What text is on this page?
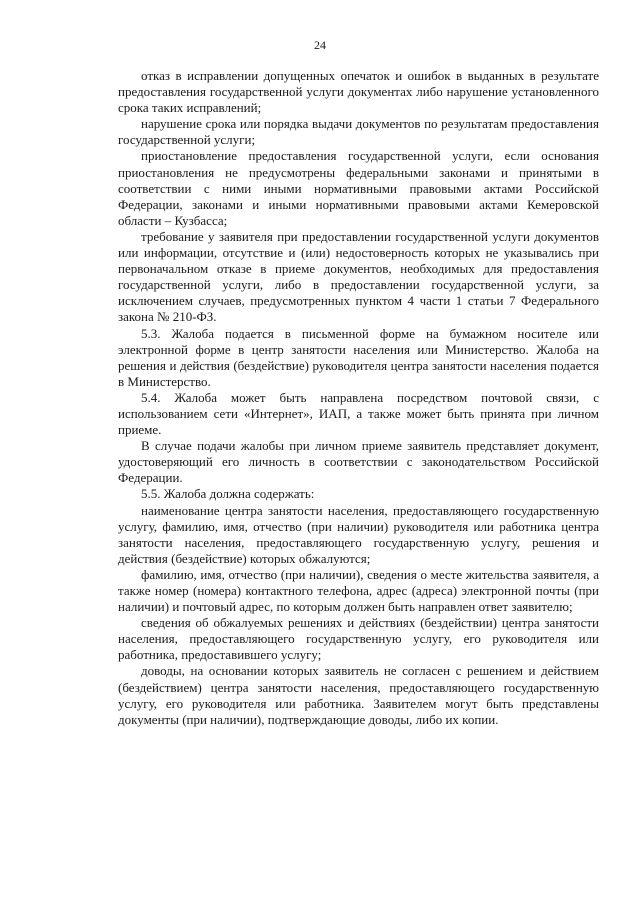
24

отказ в исправлении допущенных опечаток и ошибок в выданных в результате предоставления государственной услуги документах либо нарушение установленного срока таких исправлений;

нарушение срока или порядка выдачи документов по результатам предоставления государственной услуги;

приостановление предоставления государственной услуги, если основания приостановления не предусмотрены федеральными законами и принятыми в соответствии с ними иными нормативными правовыми актами Российской Федерации, законами и иными нормативными правовыми актами Кемеровской области – Кузбасса;

требование у заявителя при предоставлении государственной услуги документов или информации, отсутствие и (или) недостоверность которых не указывались при первоначальном отказе в приеме документов, необходимых для предоставления государственной услуги, либо в предоставлении государственной услуги, за исключением случаев, предусмотренных пунктом 4 части 1 статьи 7 Федерального закона № 210-ФЗ.

5.3. Жалоба подается в письменной форме на бумажном носителе или электронной форме в центр занятости населения или Министерство. Жалоба на решения и действия (бездействие) руководителя центра занятости населения подается в Министерство.

5.4. Жалоба может быть направлена посредством почтовой связи, с использованием сети «Интернет», ИАП, а также может быть принята при личном приеме.

В случае подачи жалобы при личном приеме заявитель представляет документ, удостоверяющий его личность в соответствии с законодательством Российской Федерации.

5.5. Жалоба должна содержать:

наименование центра занятости населения, предоставляющего государственную услугу, фамилию, имя, отчество (при наличии) руководителя или работника центра занятости населения, предоставляющего государственную услугу, решения и действия (бездействие) которых обжалуются;

фамилию, имя, отчество (при наличии), сведения о месте жительства заявителя, а также номер (номера) контактного телефона, адрес (адреса) электронной почты (при наличии) и почтовый адрес, по которым должен быть направлен ответ заявителю;

сведения об обжалуемых решениях и действиях (бездействии) центра занятости населения, предоставляющего государственную услугу, его руководителя или работника, предоставившего услугу;

доводы, на основании которых заявитель не согласен с решением и действием (бездействием) центра занятости населения, предоставляющего государственную услугу, его руководителя или работника. Заявителем могут быть представлены документы (при наличии), подтверждающие доводы, либо их копии.
